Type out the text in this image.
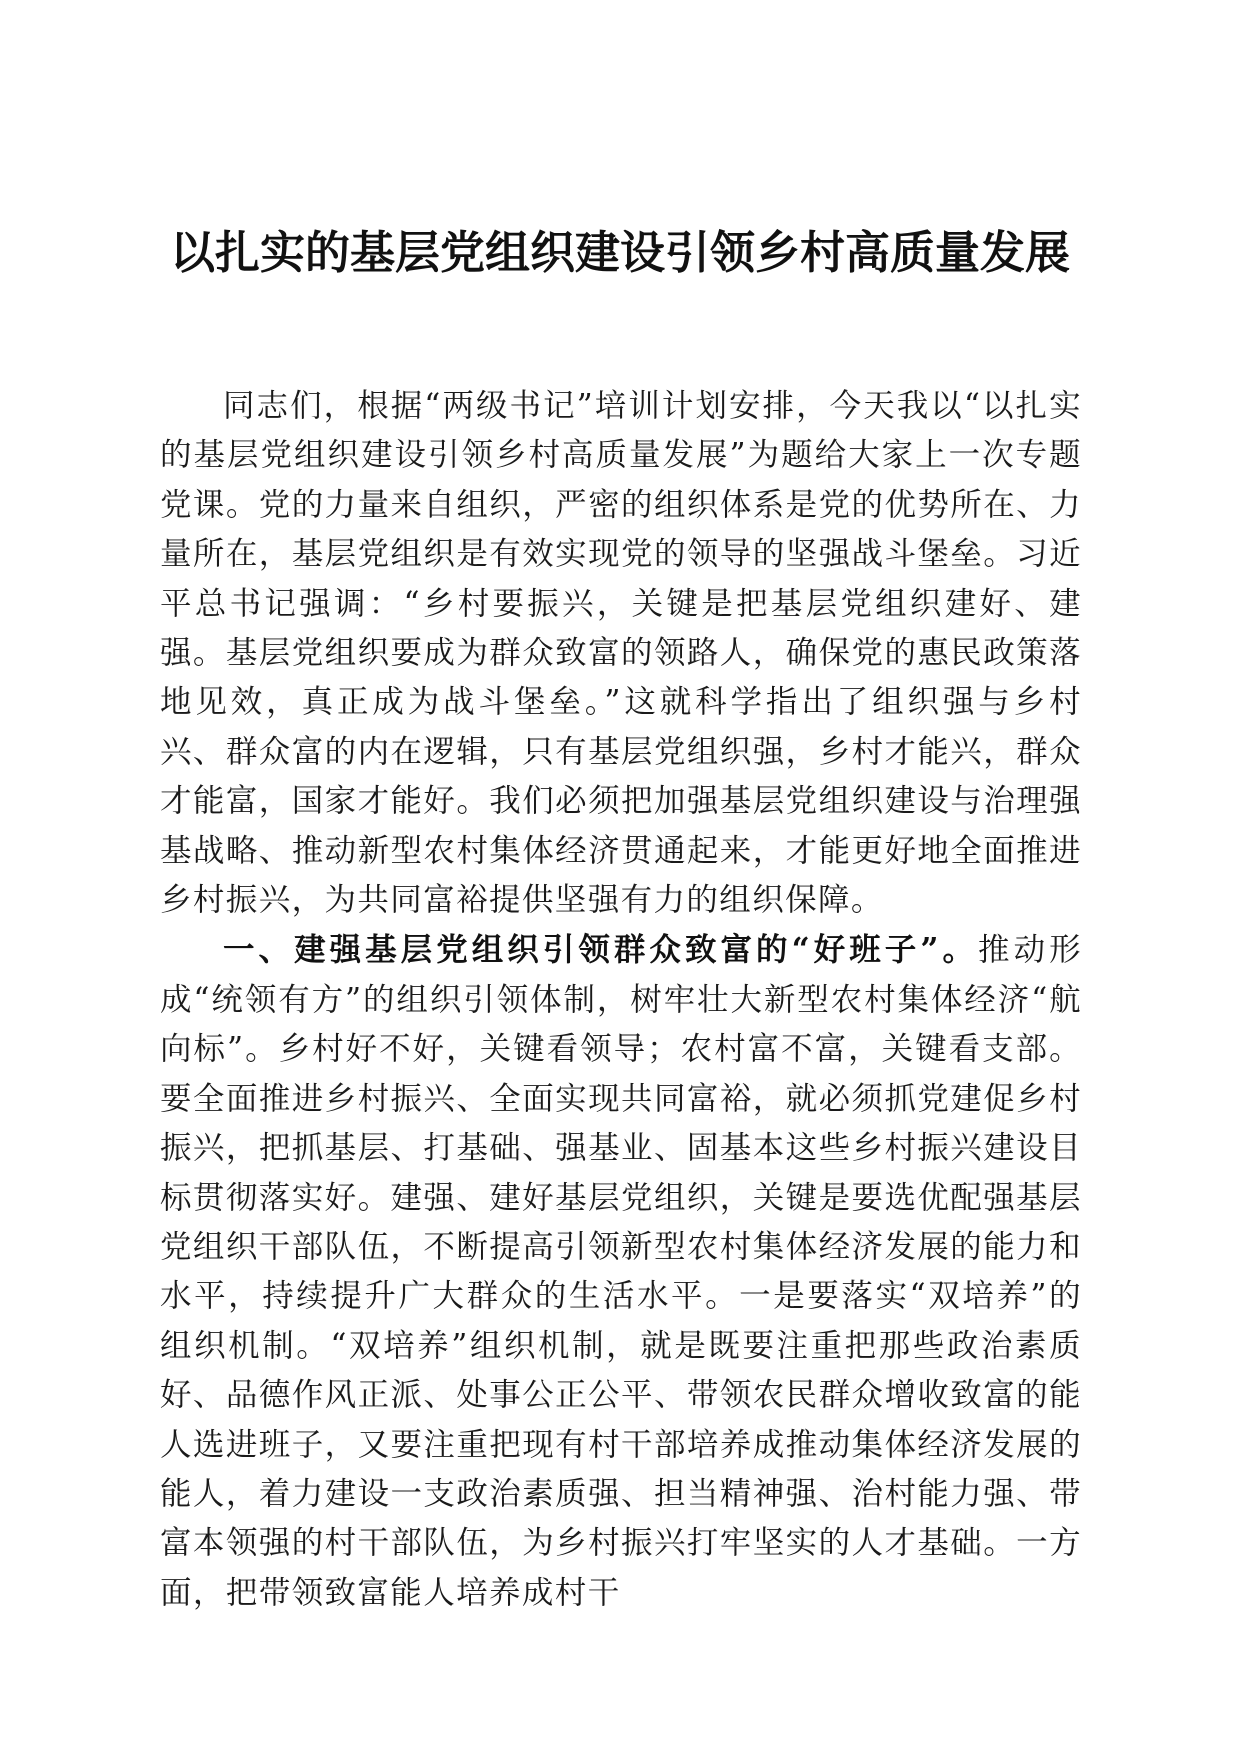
以扎实的基层党组织建设引领乡村高质量发展

同志们，根据“两级书记”培训计划安排，今天我以“以扎实的基层党组织建设引领乡村高质量发展”为题给大家上一次专题党课。党的力量来自组织，严密的组织体系是党的优势所在、力量所在，基层党组织是有效实现党的领导的坚强战斗堡垒。习近平总书记强调：“乡村要振兴，关键是把基层党组织建好、建强。基层党组织要成为群众致富的领路人，确保党的惠民政策落地见效，真正成为战斗堡垒。”这就科学指出了组织强与乡村兴、群众富的内在逻辑，只有基层党组织强，乡村才能兴，群众才能富，国家才能好。我们必须把加强基层党组织建设与治理强基战略、推动新型农村集体经济贯通起来，才能更好地全面推进乡村振兴，为共同富裕提供坚强有力的组织保障。

一、建强基层党组织引领群众致富的“好班子”。推动形成“统领有方”的组织引领体制，树牢壮大新型农村集体经济“航向标”。乡村好不好，关键看领导；农村富不富，关键看支部。要全面推进乡村振兴、全面实现共同富裕，就必须抓党建促乡村振兴，把抓基层、打基础、强基业、固基本这些乡村振兴建设目标贯彻落实好。建强、建好基层党组织，关键是要选优配强基层党组织干部队伍，不断提高引领新型农村集体经济发展的能力和水平，持续提升广大群众的生活水平。一是要落实“双培养”的组织机制。“双培养”组织机制，就是既要注重把那些政治素质好、品德作风正派、处事公正公平、带领农民群众增收致富的能人选进班子，又要注重把现有村干部培养成推动集体经济发展的能人，着力建设一支政治素质强、担当精神强、治村能力强、带富本领强的村干部队伍，为乡村振兴打牢坚实的人才基础。一方面，把带领致富能人培养成村干
